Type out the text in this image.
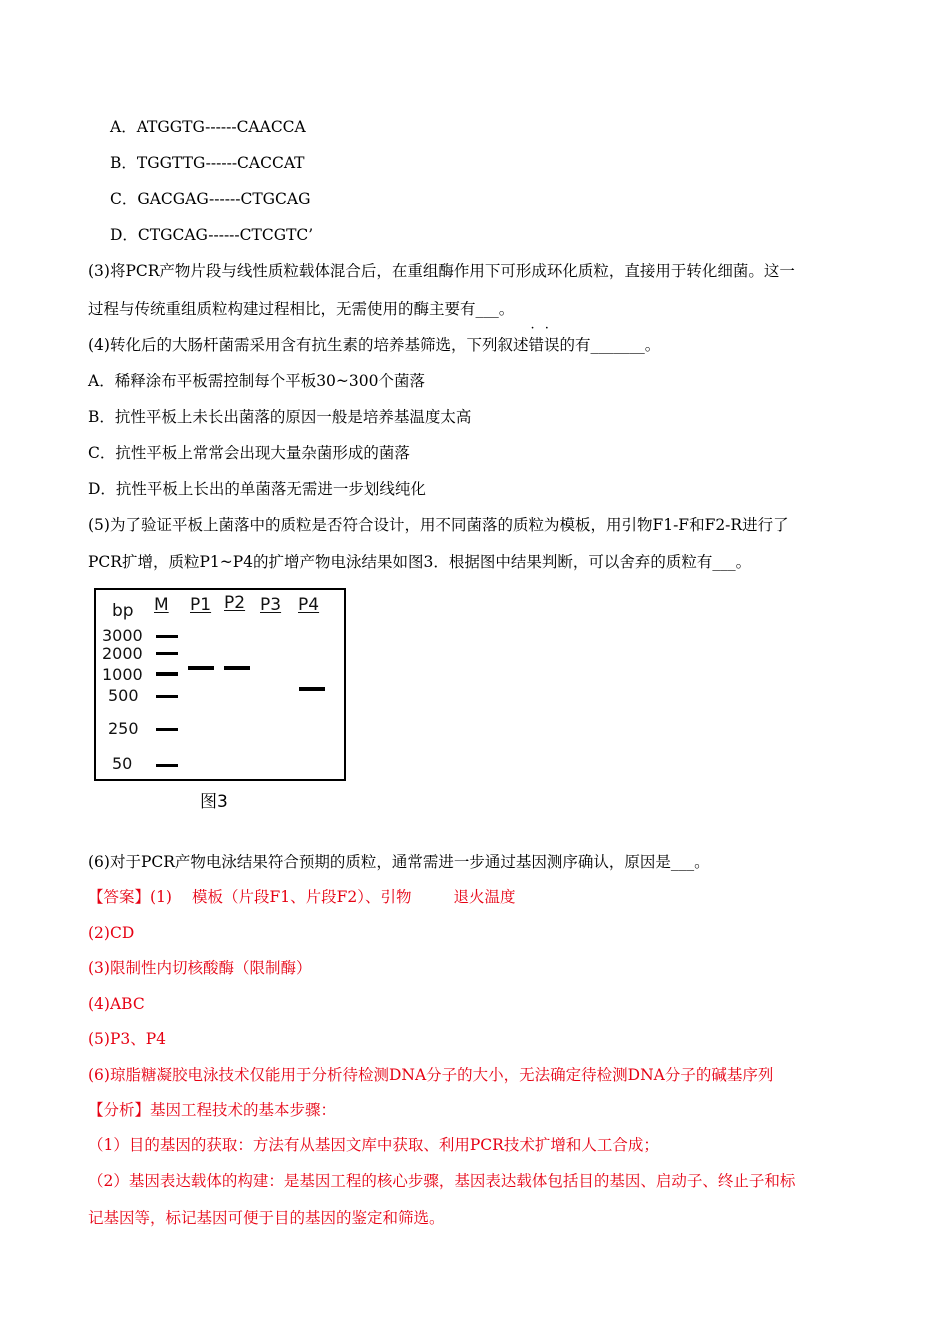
A．ATGGTG------CAACCA
B．TGGTTG------CACCAT
C．GACGAG------CTGCAG
D．CTGCAG------CTCGTC’
(3)将PCR产物片段与线性质粒载体混合后，在重组酶作用下可形成环化质粒，直接用于转化细菌。这一
过程与传统重组质粒构建过程相比，无需使用的酶主要有___。
(4)转化后的大肠杆菌需采用含有抗生素的培养基筛选，下列叙述· · 错误的有_______。
A．稀释涂布平板需控制每个平板30~300个菌落
B．抗性平板上未长出菌落的原因一般是培养基温度太高
C．抗性平板上常常会出现大量杂菌形成的菌落
D．抗性平板上长出的单菌落无需进一步划线纯化
(5)为了验证平板上菌落中的质粒是否符合设计，用不同菌落的质粒为模板，用引物F1-F和F2-R进行了
PCR扩增，质粒P1~P4的扩增产物电泳结果如图3．根据图中结果判断，可以舍弃的质粒有___。
bp M P1 P2 P3 P4
3000
2000
1000
500
250
50
图3
(6)对于PCR产物电泳结果符合预期的质粒，通常需进一步通过基因测序确认，原因是___。
【答案】(1) 模板（片段F1、片段F2）、引物	退火温度
(2)CD
(3)限制性内切核酸酶（限制酶）
(4)ABC
(5)P3、P4
(6)琼脂糖凝胶电泳技术仅能用于分析待检测DNA分子的大小，无法确定待检测DNA分子的碱基序列
【分析】基因工程技术的基本步骤：
（1）目的基因的获取：方法有从基因文库中获取、利用PCR技术扩增和人工合成；
（2）基因表达载体的构建：是基因工程的核心步骤，基因表达载体包括目的基因、启动子、终止子和标
记基因等，标记基因可便于目的基因的鉴定和筛选。
